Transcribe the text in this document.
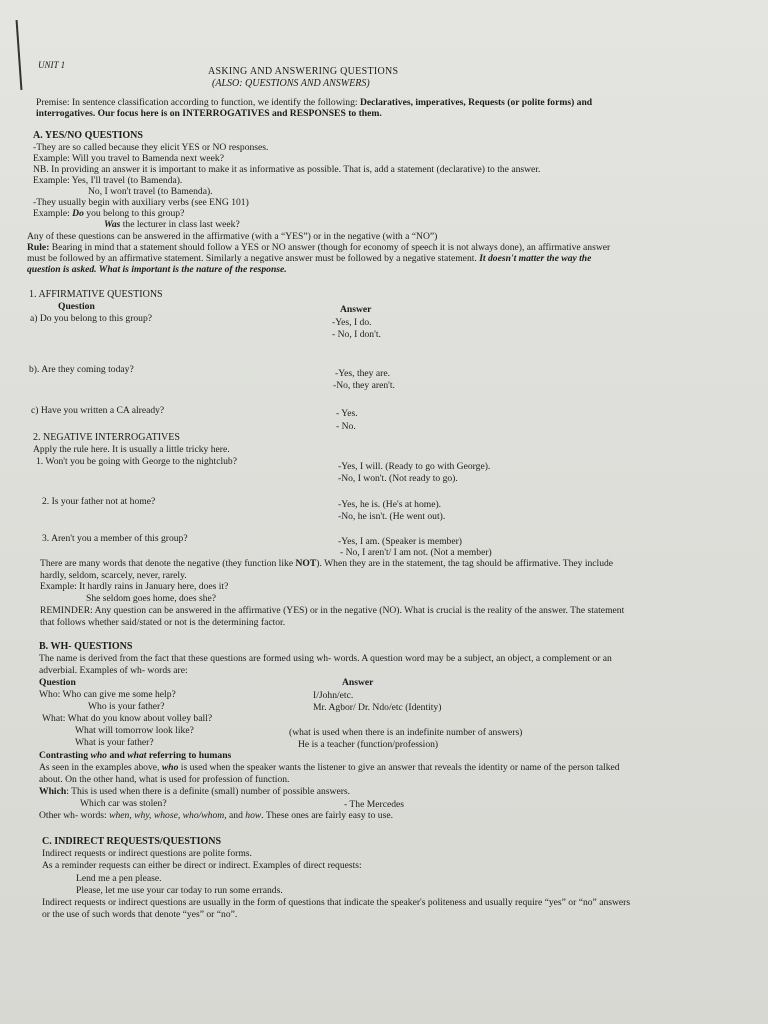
UNIT 1
ASKING AND ANSWERING QUESTIONS
(ALSO: QUESTIONS AND ANSWERS)
Premise: In sentence classification according to function, we identify the following: Declaratives, imperatives, Requests (or polite forms) and
interrogatives. Our focus here is on INTERROGATIVES and RESPONSES to them.
A. YES/NO QUESTIONS
-They are so called because they elicit YES or NO responses.
Example: Will you travel to Bamenda next week?
NB. In providing an answer it is important to make it as informative as possible. That is, add a statement (declarative) to the answer.
Example: Yes, I'll travel (to Bamenda).
No, I won't travel (to Bamenda).
-They usually begin with auxiliary verbs (see ENG 101)
Example: Do you belong to this group?
Was the lecturer in class last week?
Any of these questions can be answered in the affirmative (with a “YES”) or in the negative (with a “NO”)
Rule: Bearing in mind that a statement should follow a YES or NO answer (though for economy of speech it is not always done), an affirmative answer
must be followed by an affirmative statement. Similarly a negative answer must be followed by a negative statement. It doesn't matter the way the
question is asked. What is important is the nature of the response.
1. AFFIRMATIVE QUESTIONS
Question	Answer
a) Do you belong to this group?	-Yes, I do.
- No, I don't.
b). Are they coming today?	-Yes, they are.
-No, they aren't.
c) Have you written a CA already?	- Yes.
- No.
2. NEGATIVE INTERROGATIVES
Apply the rule here. It is usually a little tricky here.
1. Won't you be going with George to the nightclub?	-Yes, I will. (Ready to go with George).
-No, I won't. (Not ready to go).
2. Is your father not at home?	-Yes, he is. (He's at home).
-No, he isn't. (He went out).
3. Aren't you a member of this group?	-Yes, I am. (Speaker is member)
- No, I aren't/ I am not. (Not a member)
There are many words that denote the negative (they function like NOT). When they are in the statement, the tag should be affirmative. They include
hardly, seldom, scarcely, never, rarely.
Example: It hardly rains in January here, does it?
She seldom goes home, does she?
REMINDER: Any question can be answered in the affirmative (YES) or in the negative (NO). What is crucial is the reality of the answer. The statement
that follows whether said/stated or not is the determining factor.
B. WH- QUESTIONS
The name is derived from the fact that these questions are formed using wh- words. A question word may be a subject, an object, a complement or an
adverbial. Examples of wh- words are:
Question	Answer
Who: Who can give me some help?	I/John/etc.
Who is your father?	Mr. Agbor/ Dr. Ndo/etc (Identity)
What: What do you know about volley ball?
What will tomorrow look like?	(what is used when there is an indefinite number of answers)
What is your father?	He is a teacher (function/profession)
Contrasting who and what referring to humans
As seen in the examples above, who is used when the speaker wants the listener to give an answer that reveals the identity or name of the person talked
about. On the other hand, what is used for profession of function.
Which: This is used when there is a definite (small) number of possible answers.
Which car was stolen?	- The Mercedes
Other wh- words: when, why, whose, who/whom, and how. These ones are fairly easy to use.
C. INDIRECT REQUESTS/QUESTIONS
Indirect requests or indirect questions are polite forms.
As a reminder requests can either be direct or indirect. Examples of direct requests:
Lend me a pen please.
Please, let me use your car today to run some errands.
Indirect requests or indirect questions are usually in the form of questions that indicate the speaker's politeness and usually require “yes” or “no” answers
or the use of such words that denote “yes” or “no”.
